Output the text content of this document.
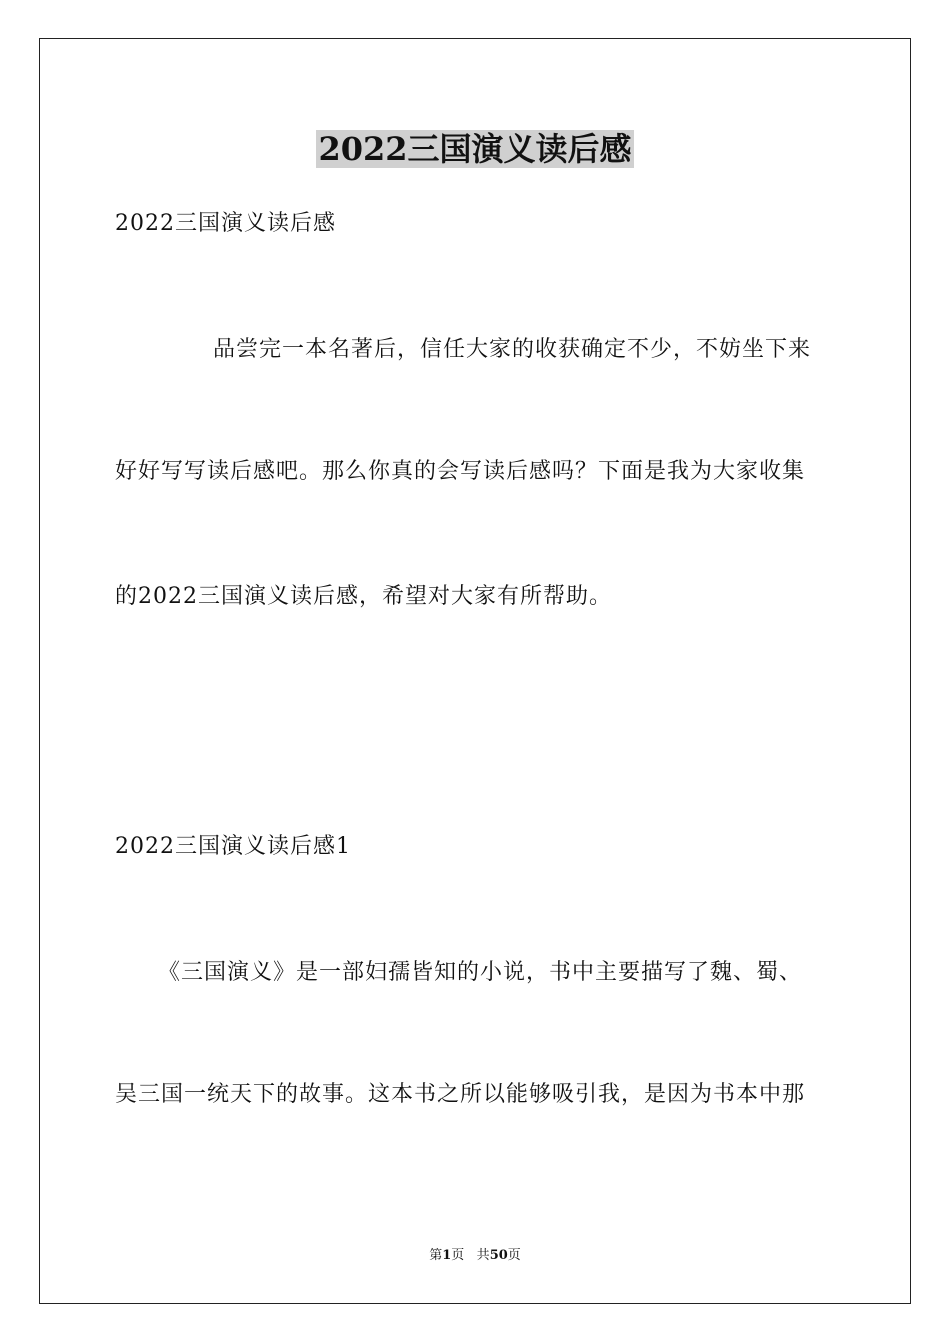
2022三国演义读后感
2022三国演义读后感
品尝完一本名著后，信任大家的收获确定不少，不妨坐下来
好好写写读后感吧。那么你真的会写读后感吗？下面是我为大家收集
的2022三国演义读后感，希望对大家有所帮助。
2022三国演义读后感1
《三国演义》是一部妇孺皆知的小说，书中主要描写了魏、蜀、
吴三国一统天下的故事。这本书之所以能够吸引我，是因为书本中那
第1页 共50页
